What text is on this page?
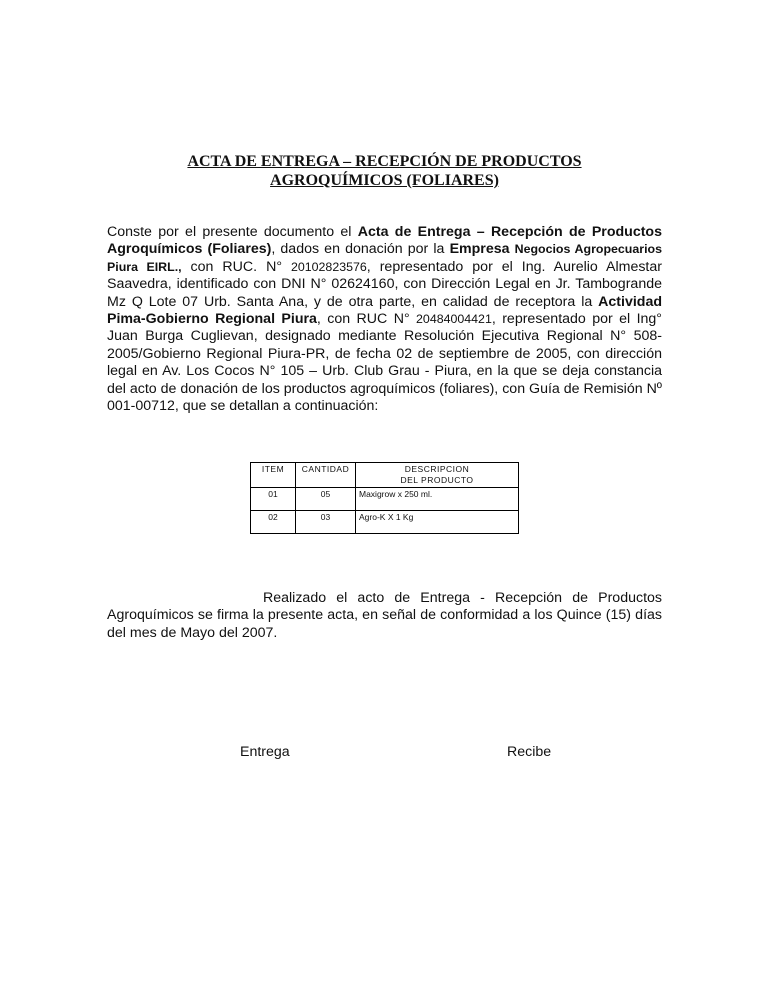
ACTA DE ENTREGA – RECEPCIÓN DE PRODUCTOS
AGROQUÍMICOS (FOLIARES)
Conste por el presente documento el Acta de Entrega – Recepción de Productos Agroquímicos (Foliares), dados en donación por la Empresa Negocios Agropecuarios Piura EIRL., con RUC. N° 20102823576, representado por el Ing. Aurelio Almestar Saavedra, identificado con DNI N° 02624160, con Dirección Legal en Jr. Tambogrande Mz Q Lote 07 Urb. Santa Ana, y de otra parte, en calidad de receptora la Actividad Pima-Gobierno Regional Piura, con RUC N° 20484004421, representado por el Ing° Juan Burga Cuglievan, designado mediante Resolución Ejecutiva Regional N° 508-2005/Gobierno Regional Piura-PR, de fecha 02 de septiembre de 2005, con dirección legal en Av. Los Cocos N° 105 – Urb. Club Grau - Piura, en la que se deja constancia del acto de donación de los productos agroquímicos (foliares), con Guía de Remisión Nº 001-00712, que se detallan a continuación:
ITEM	CANTIDAD	DESCRIPCION
DEL PRODUCTO
01	05	Maxigrow x 250 ml.
02	03	Agro-K X 1 Kg
Realizado el acto de Entrega - Recepción de Productos Agroquímicos se firma la presente acta, en señal de conformidad a los Quince (15) días del mes de Mayo del 2007.
Entrega	Recibe
